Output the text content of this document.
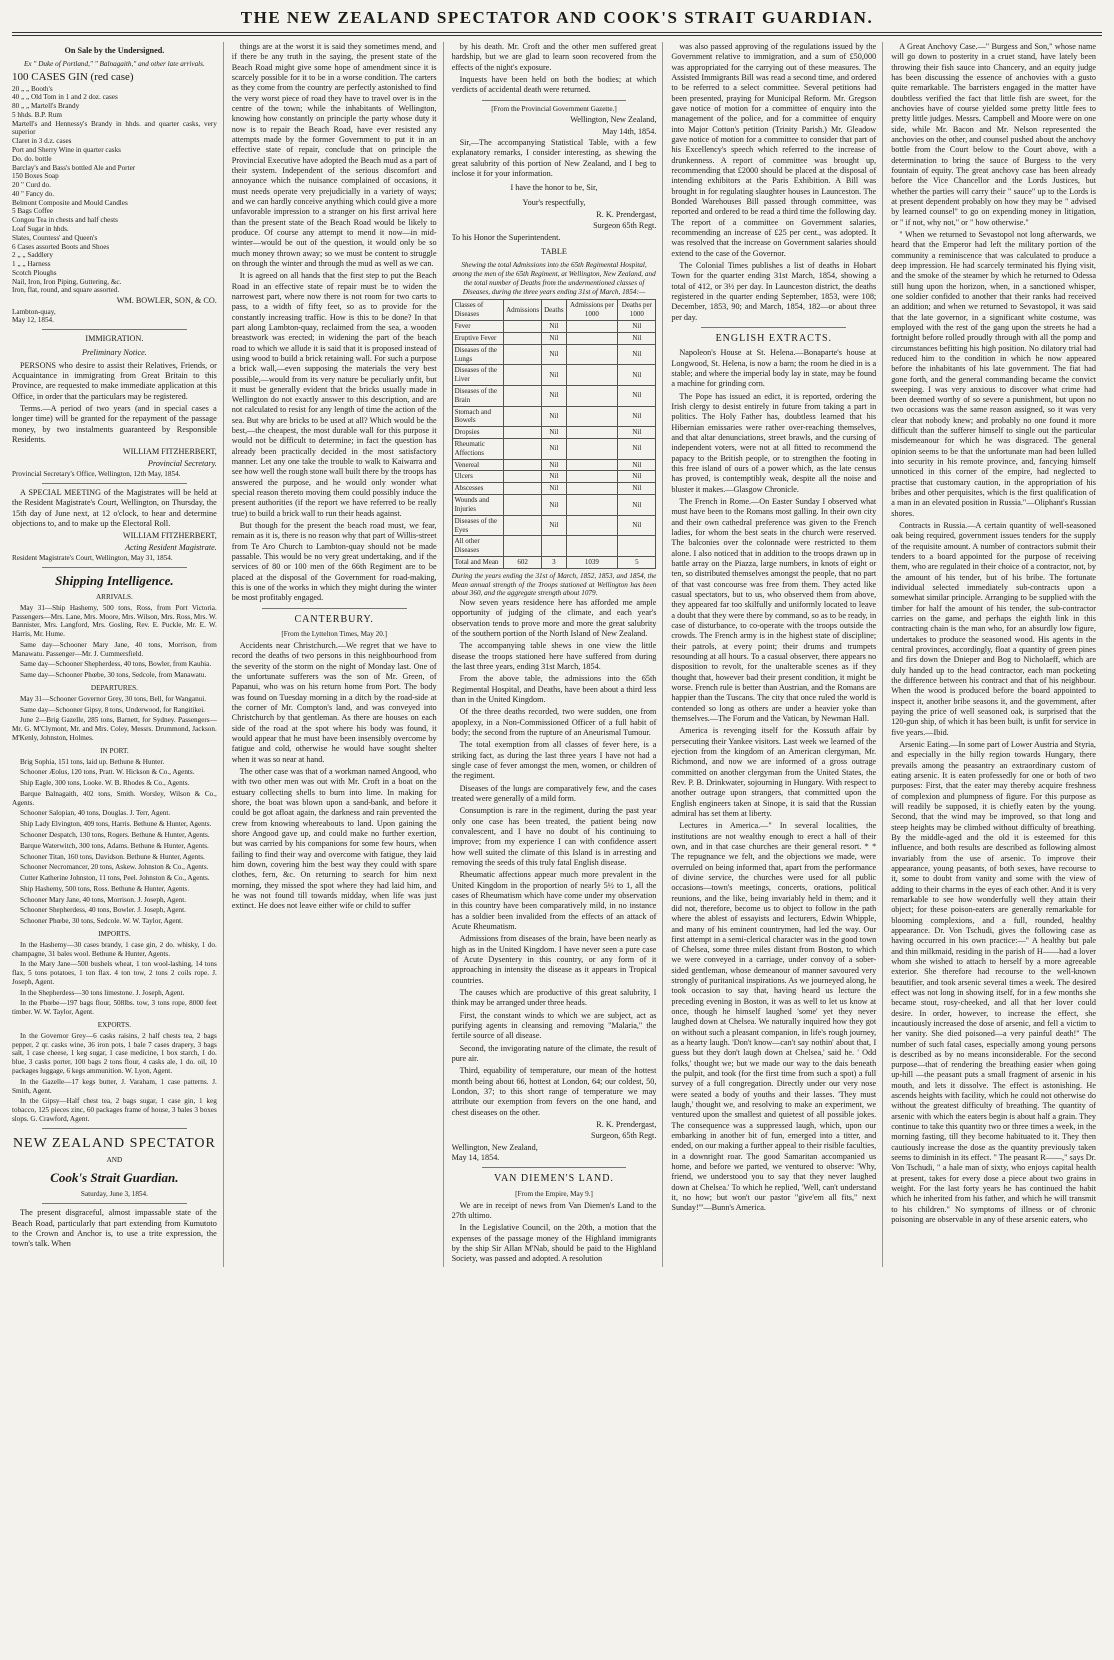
THE NEW ZEALAND SPECTATOR AND COOK'S STRAIT GUARDIAN.
On Sale by the Undersigned.
Ex " Duke of Portland," " Balnagaith," and other late arrivals.
100 CASES GIN (red case)
20 „ „ Booth's
40 „ „ Old Tom in 1 and 2 doz. cases
80 „ „ Martell's Brandy
5 hhds. B.P. Rum
Martell's and Hennessy's Brandy in hhds. and quarter casks, very superior
Claret in 3 d.z. cases
Port and Sherry Wine in quarter casks
Do. do. bottle
Barclay's and Bass's bottled Ale and Porter
150 Boxes Soap
20 " Curd do.
40 " Fancy do.
Belmont Composite and Mould Candles
5 Bags Coffee
Congou Tea in chests and half chests
Loaf Sugar in hhds.
Slates, Countess' and Queen's
6 Cases assorted Boots and Shoes
2 „ „ Saddlery
1 „ „ Harness
Scotch Ploughs
Nail, Iron, Iron Piping, Guttering, &c.
Iron, flat, round, and square assorted.
WM. BOWLER, SON, & CO.
Lambton-quay,
May 12, 1854.
IMMIGRATION.
Preliminary Notice.

PERSONS who desire to assist their Relatives, Friends, or Acquaintance in immigrating from Great Britain to this Province, are requested to make immediate application at this Office, in order that the particulars may be registered.

Terms.—A period of two years (and in special cases a longer time) will be granted for the repayment of the passage money, by two instalments guaranteed by Responsible Residents.

WILLIAM FITZHERBERT,
Provincial Secretary.
Provincial Secretary's Office, Wellington, 12th May, 1854.

A SPECIAL MEETING of the Magistrates will be held at the Resident Magistrate's Court, Wellington, on Thursday, the 15th day of June next, at 12 o'clock, to hear and determine objections to, and to make up the Electoral Roll.

WILLIAM FITZHERBERT,
Acting Resident Magistrate.
Resident Magistrate's Court, Wellington, May 31, 1854.
Shipping Intelligence.
ARRIVALS.

May 31—Ship Hashemy, 500 tons, Ross, from Port Victoria. Passengers—Mrs. Lane, Mrs. Moore, Mrs. Wilson, Mrs. Ross, Mrs. W. Bannister, Mrs. Langford, Mrs. Gosling, Rev. E. Puckle, Mr. E. W. Harris, Mr. Hume.

Same day—Schooner Mary Jane, 40 tons, Morrison, from Manawatu. Passenger—Mr. J. Cummersfield.

Same day—Schooner Shepherdess, 40 tons, Bowler, from Kauhia.

Same day—Schooner Phœbe, 30 tons, Sedcole, from Manawatu.

DEPARTURES.

May 31—Schooner Governor Grey, 30 tons, Bell, for Wanganui.

Same day—Schooner Gipsy, 8 tons, Underwood, for Rangitikei.

June 2—Brig Gazelle, 285 tons, Barnett, for Sydney. Passengers—Mr. G. M'Clymont, Mr. and Mrs. Coley, Messrs. Drummond, Jackson. M'Kenly, Johnston, Holmes.

IN PORT.

Brig Sophia, 151 tons, laid up. Bethune & Hunter.

Schooner Æolus, 120 tons, Pratt. W. Hickson & Co., Agents.

Ship Eagle, 300 tons, Looke. W. B. Rhodes & Co., Agents.

Barque Balnagaith, 402 tons, Smith. Worsley, Wilson & Co., Agents.

Schooner Salopian, 40 tons, Douglas. J. Terr, Agent.

Ship Lady Elvington, 409 tons, Harris. Bethune & Hunter, Agents.

Schooner Despatch, 130 tons, Rogers. Bethune & Hunter, Agents.

Barque Waterwitch, 300 tons, Adams. Bethune & Hunter, Agents.

Schooner Titan, 160 tons, Davidson. Bethune & Hunter, Agents.

Schooner Necromancer, 20 tons, Askew. Johnston & Co., Agents.

Cutter Katherine Johnston, 11 tons, Peel. Johnston & Co., Agents.

Ship Hashemy, 500 tons, Ross. Bethune & Hunter, Agents.

Schooner Mary Jane, 40 tons, Morrison. J. Joseph, Agent.

Schooner Shepherdess, 40 tons, Bowler. J. Joseph, Agent.

Schooner Phœbe, 30 tons, Sedcole. W. W. Taylor, Agent.

IMPORTS.

In the Hashemy—30 cases brandy, 1 case gin, 2 do. whisky, 1 do. champagne, 31 bales wool. Bethune & Hunter, Agents.

In the Mary Jane—500 bushels wheat, 1 ton wool-lashing, 14 tons flax, 5 tons potatoes, 1 ton flax. 4 ton tow, 2 tons 2 coils rope. J. Joseph, Agent.

In the Shepherdess—30 tons limestone. J. Joseph, Agent.

In the Phœbe—197 bags flour, 508lbs. tow, 3 tons rope, 8000 feet timber. W. W. Taylor, Agent.

EXPORTS.

In the Governor Grey—6 casks raisins, 2 half chests tea, 2 bags pepper, 2 qr. casks wine, 36 iron pots, 1 bale 7 cases drapery, 3 bags salt, 1 case cheese, 1 keg sugar, 1 case medicine, 1 box starch, 1 do. blue, 3 casks porter, 100 bags 2 tons flour, 4 casks ale, 1 do. oil, 10 packages luggage, 6 kegs ammunition. W. Lyon, Agent.

In the Gazelle—17 kegs butter, J. Varaham, 1 case patterns. J. Smith, Agent.

In the Gipsy—Half chest tea, 2 bags sugar, 1 case gin, 1 keg tobacco, 125 pieces zinc, 60 packages frame of house, 3 bales 3 boxes slops. G. Crawford, Agent.

NEW ZEALAND SPECTATOR
AND
Cook's Strait Guardian.
Saturday, June 3, 1854.

The present disgraceful, almost impassable state of the Beach Road, particularly that part extending from Kumutoto to the Crown and Anchor is, to use a trite expression, the town's talk. When

things are at the worst it is said they sometimes mend, and if there be any truth in the saying, the present state of the Beach Road might give some hope of amendment since it is scarcely possible for it to be in a worse condition. The carters as they come from the country are perfectly astonished to find the very worst piece of road they have to travel over is in the centre of the town; while the inhabitants of Wellington, knowing how constantly on principle the party whose duty it now is to repair the Beach Road, have ever resisted any attempts made by the former Government to put it in an effective state of repair, conclude that on principle the Provincial Executive have adopted the Beach mud as a part of their system. Independent of the serious discomfort and annoyance which the nuisance complained of occasions, it must needs operate very prejudicially in a variety of ways; and we can hardly conceive anything which could give a more unfavorable impression to a stranger on his first arrival here than the present state of the Beach Road would be likely to produce. Of course any attempt to mend it now—in mid-winter—would be out of the question, it would only be so much money thrown away; so we must be content to struggle on through the winter and through the mud as well as we can.

It is agreed on all hands that the first step to put the Beach Road in an effective state of repair must be to widen the narrowest part, where now there is not room for two carts to pass, to a width of fifty feet, so as to provide for the constantly increasing traffic. How is this to be done? In that part along Lambton-quay, reclaimed from the sea, a wooden breastwork was erected; in widening the part of the beach road to which we allude it is said that it is proposed instead of using wood to build a brick retaining wall. For such a purpose a brick wall,—even supposing the materials the very best possible,—would from its very nature be peculiarly unfit, but it must be generally evident that the bricks usually made in Wellington do not exactly answer to this description, and are not calculated to resist for any length of time the action of the sea. But why are bricks to be used at all? Which would be the best,—the cheapest, the most durable wall for this purpose it would not be difficult to determine; in fact the question has already been practically decided in the most satisfactory manner. Let any one take the trouble to walk to Kaiwarra and see how well the rough stone wall built there by the troops has answered the purpose, and he would only wonder what special reason thereto moving them could possibly induce the present authorities (if the report we have referred to be really true) to build a brick wall to run their heads against.

But though for the present the beach road must, we fear, remain as it is, there is no reason why that part of Willis-street from Te Aro Church to Lambton-quay should not be made passable. This would be no very great undertaking, and if the services of 80 or 100 men of the 66th Regiment are to be placed at the disposal of the Government for road-making, this is one of the works in which they might during the winter be most profitably engaged.

CANTERBURY.
[From the Lyttelton Times, May 20.]

Accidents near Christchurch.—We regret that we have to record the deaths of two persons in this neighbourhood from the severity of the storm on the night of Monday last. One of the unfortunate sufferers was the son of Mr. Green, of Papanui, who was on his return home from Port. The body was found on Tuesday morning in a ditch by the road-side at the corner of Mr. Compton's land, and was conveyed into Christchurch by that gentleman. As there are houses on each side of the road at the spot where his body was found, it would appear that he must have been insensibly overcome by fatigue and cold, otherwise he would have sought shelter when it was so near at hand.

The other case was that of a workman named Angood, who with two other men was out with Mr. Croft in a boat on the estuary collecting shells to burn into lime. In making for shore, the boat was blown upon a sand-bank, and before it could be got afloat again, the darkness and rain prevented the crew from knowing whereabouts to land. Upon gaining the shore Angood gave up, and could make no further exertion, but was carried by his companions for some few hours, when failing to find their way and overcome with fatigue, they laid him down, covering him the best way they could with spare clothes, fern, &c. On returning to search for him next morning, they missed the spot where they had laid him, and he was not found till towards midday, when life was just extinct. He does not leave either wife or child to suffer

by his death. Mr. Croft and the other men suffered great hardship, but we are glad to learn soon recovered from the effects of the night's exposure.

Inquests have been held on both the bodies; at which verdicts of accidental death were returned.

[From the Provincial Government Gazette.]
Wellington, New Zealand,
May 14th, 1854.

Sir,—The accompanying Statistical Table, with a few explanatory remarks, I consider interesting, as shewing the great salubrity of this portion of New Zealand, and I beg to inclose it for your information.

I have the honor to be, Sir,
Your's respectfully,
R. K. Prendergast,
Surgeon 65th Regt.
To his Honor the Superintendent.
TABLE
Shewing the total Admissions into the 65th Regimental Hospital, among the men of the 65th Regiment, at Wellington, New Zealand, and the total number of Deaths from the undermentioned classes of Diseases, during the three years ending 31st of March, 1854:—
Classes of Diseases	Admissions	Deaths	Admissions per 1000	Deaths per 1000
Fever		Nil		Nil
Eruptive Fever		Nil		Nil
Diseases of the Lungs		Nil		Nil
Diseases of the Liver		Nil		Nil
Diseases of the Brain		Nil		Nil
Stomach and Bowels		Nil		Nil
Dropsies		Nil		Nil
Rheumatic Affections		Nil		Nil
Venereal		Nil		Nil
Ulcers		Nil		Nil
Abscesses		Nil		Nil
Wounds and Injuries		Nil		Nil
Diseases of the Eyes		Nil		Nil
All other Diseases				
Total and Mean	602	3	1039	5
During the years ending the 31st of March, 1852, 1853, and 1854, the Mean annual strength of the Troops stationed at Wellington has been about 360, and the aggregate strength about 1079.

Now seven years residence here has afforded me ample opportunity of judging of the climate, and each year's observation tends to prove more and more the great salubrity of the southern portion of the North Island of New Zealand.

The accompanying table shews in one view the little disease the troops stationed here have suffered from during the last three years, ending 31st March, 1854.

From the above table, the admissions into the 65th Regimental Hospital, and Deaths, have been about a third less than in the United Kingdom.

Of the three deaths recorded, two were sudden, one from apoplexy, in a Non-Commissioned Officer of a full habit of body; the second from the rupture of an Aneurismal Tumour.

The total exemption from all classes of fever here, is a striking fact, as during the last three years I have not had a single case of fever amongst the men, women, or children of the regiment.

Diseases of the lungs are comparatively few, and the cases treated were generally of a mild form.

Consumption is rare in the regiment, during the past year only one case has been treated, the patient being now convalescent, and I have no doubt of his continuing to improve; from my experience I can with confidence assert how well suited the climate of this Island is in arresting and removing the seeds of this truly fatal English disease.

Rheumatic affections appear much more prevalent in the United Kingdom in the proportion of nearly 5½ to 1, all the cases of Rheumatism which have come under my observation in this country have been comparatively mild, in no instance has a soldier been invalided from the effects of an attack of Acute Rheumatism.

Admissions from diseases of the brain, have been nearly as high as in the United Kingdom. I have never seen a pure case of Acute Dysentery in this country, or any form of it approaching in intensity the disease as it appears in Tropical countries.

The causes which are productive of this great salubrity, I think may be arranged under three heads.

First, the constant winds to which we are subject, act as purifying agents in cleansing and removing "Malaria," the fertile source of all disease.

Second, the invigorating nature of the climate, the result of pure air.

Third, equability of temperature, our mean of the hottest month being about 66, hottest at London, 64; our coldest, 50, London, 37; to this short range of temperature we may attribute our exemption from fevers on the one hand, and chest diseases on the other.

R. K. Prendergast,
Surgeon, 65th Regt.
Wellington, New Zealand,
May 14, 1854.
VAN DIEMEN'S LAND.
[From the Empire, May 9.]

We are in receipt of news from Van Diemen's Land to the 27th ultimo.

In the Legislative Council, on the 20th, a motion that the expenses of the passage money of the Highland immigrants by the ship Sir Allan M'Nab, should be paid to the Highland Society, was passed and adopted. A resolution

was also passed approving of the regulations issued by the Government relative to immigration, and a sum of £50,000 was appropriated for the carrying out of these measures. The Assisted Immigrants Bill was read a second time, and ordered to be referred to a select committee. Several petitions had been presented, praying for Municipal Reform. Mr. Gregson gave notice of motion for a committee of enquiry into the management of the police, and for a committee of enquiry into Major Cotton's petition (Trinity Parish.) Mr. Gleadow gave notice of motion for a committee to consider that part of his Excellency's speech which referred to the increase of drunkenness. A report of committee was brought up, recommending that £2000 should be placed at the disposal of intending exhibitors at the Paris Exhibition. A Bill was brought in for regulating slaughter houses in Launceston. The Bonded Warehouses Bill passed through committee, was reported and ordered to be read a third time the following day. The report of a committee on Government salaries, recommending an increase of £25 per cent., was adopted. It was resolved that the increase on Government salaries should extend to the case of the Governor.

The Colonial Times publishes a list of deaths in Hobart Town for the quarter ending 31st March, 1854, showing a total of 412, or 3½ per day. In Launceston district, the deaths registered in the quarter ending September, 1853, were 108; December, 1853, 90; and March, 1854, 182—or about three per day.

ENGLISH EXTRACTS.

Napoleon's House at St. Helena.—Bonaparte's house at Longwood, St. Helena, is now a barn; the room he died in is a stable; and where the imperial body lay in state, may be found a machine for grinding corn.

The Pope has issued an edict, it is reported, ordering the Irish clergy to desist entirely in future from taking a part in politics. The Holy Father has, doubtless learned that his Hibernian emissaries were rather over-reaching themselves, and that altar denunciations, street brawls, and the cursing of independent voters, were not at all fitted to recommend the papacy to the British people, or to strengthen the footing in this free island of ours of a power which, as the late census has proved, is contemptibly weak, despite all the noise and bluster it makes.—Glasgow Chronicle.

The French in Rome.—On Easter Sunday I observed what must have been to the Romans most galling. In their own city and their own cathedral preference was given to the French ladies, for whom the best seats in the church were reserved. The balconies over the colonnade were restricted to them alone. I also noticed that in addition to the troops drawn up in battle array on the Piazza, large numbers, in knots of eight or ten, so distributed themselves amongst the people, that no part of that vast concourse was free from them. They acted like casual spectators, but to us, who observed them from above, they appeared far too skilfully and uniformly located to leave a doubt that they were there by command, so as to be ready, in case of disturbance, to co-operate with the troops outside the crowds. The French army is in the highest state of discipline; their patrols, at every point; their drums and trumpets resounding at all hours. To a casual observer, there appears no disposition to revolt, for the unalterable scenes as if they thought that, however bad their present condition, it might be worse. French rule is better than Austrian, and the Romans are happier than the Tuscans. The city that once ruled the world is contended so long as others are under a heavier yoke than themselves.—The Forum and the Vatican, by Newman Hall.

America is revenging itself for the Kossuth affair by persecuting their Yankee visitors. Last week we learned of the ejection from the kingdom of an American clergyman, Mr. Richmond, and now we are informed of a gross outrage committed on another clergyman from the United States, the Rev. P. B. Drinkwater, sojourning in Hungary. With respect to another outrage upon strangers, that committed upon the English engineers taken at Sinope, it is said that the Russian admiral has set them at liberty.

Lectures in America.—" In several localities, the institutions are not wealthy enough to erect a hall of their own, and in that case churches are their general resort. * * The repugnance we felt, and the objections we made, were overruled on being informed that, apart from the performance of divine service, the churches were used for all public occasions—town's meetings, concerts, orations, political reunions, and the like, being invariably held in them; and it did not, therefore, become us to object to follow in the path where the ablest of essayists and lecturers, Edwin Whipple, and many of his eminent countrymen, had led the way. Our first attempt in a semi-clerical character was in the good town of Chelsea, some three miles distant from Boston, to which we were conveyed in a carriage, under convoy of a sober-sided gentleman, whose demeanour of manner savoured very strongly of puritanical inspirations. As we journeyed along, he took occasion to say that, having heard us lecture the preceding evening in Boston, it was as well to let us know at once, though he himself laughed 'some' yet they never laughed down at Chelsea. We naturally inquired how they got on without such a pleasant companion, in life's rough journey, as a hearty laugh. 'Don't know—can't say nothin' about that, I guess but they don't laugh down at Chelsea,' said he. ' Odd folks,' thought we; but we made our way to the dais beneath the pulpit, and took (for the first time from such a spot) a full survey of a full congregation. Directly under our very nose were seated a body of youths and their lasses. 'They must laugh,' thought we, and resolving to make an experiment, we ventured upon the smallest and quietest of all possible jokes. The consequence was a suppressed laugh, which, upon our embarking in another bit of fun, emerged into a titter, and ended, on our making a further appeal to their risible faculties, in a downright roar. The good Samaritan accompanied us home, and before we parted, we ventured to observe: 'Why, friend, we understood you to say that they never laughed down at Chelsea.' To which he replied, 'Well, can't understand it, no how; but won't our pastor "give'em all fits," next Sunday!'"—Bunn's America.

A Great Anchovy Case.—" Burgess and Son," whose name will go down to posterity in a cruet stand, have lately been throwing their fish sauce into Chancery, and an equity judge has been discussing the essence of anchovies with a gusto quite remarkable. The barristers engaged in the matter have doubtless verified the fact that little fish are sweet, for the anchovies have of course yielded some pretty little fees to pretty little judges. Messrs. Campbell and Moore were on one side, while Mr. Bacon and Mr. Nelson represented the anchovies on the other, and counsel pushed about the anchovy bottle from the Court below to the Court above, with a determination to bring the sauce of Burgess to the very fountain of equity. The great anchovy case has been already before the Vice Chancellor and the Lords Justices, but whether the parties will carry their " sauce" up to the Lords is at present dependent probably on how they may be " advised by learned counsel" to go on expending money in litigation, or " if not, why not," or " how otherwise."

" When we returned to Sevastopol not long afterwards, we heard that the Emperor had left the military portion of the community a reminiscence that was calculated to produce a deep impression. He had scarcely terminated his flying visit, and the smoke of the steamer by which he returned to Odessa still hung upon the horizon, when, in a sanctioned whisper, one soldier confided to another that their ranks had received an addition; and when we returned to Sevastopol, it was said that the late governor, in a significant white costume, was employed with the rest of the gang upon the streets he had a fortnight before rolled proudly through with all the pomp and circumstances befitting his high position. No dilatory trial had reduced him to the condition in which he now appeared before the inhabitants of his late government. The fiat had gone forth, and the general commanding became the convict sweeping. I was very anxious to discover what crime had been deemed worthy of so severe a punishment, but upon no two occasions was the same reason assigned, so it was very clear that nobody knew; and probably no one found it more difficult than the sufferer himself to single out the particular misdemeanour for which he was disgraced. The general opinion seems to be that the unfortunate man had been lulled into security in his remote province, and, fancying himself unnoticed in this corner of the empire, had neglected to practise that customary caution, in the appropriation of his bribes and other perquisites, which is the first qualification of a man in an elevated position in Russia."—Oliphant's Russian shores.

Contracts in Russia.—A certain quantity of well-seasoned oak being required, government issues tenders for the supply of the requisite amount. A number of contractors submit their tenders to a board appointed for the purpose of receiving them, who are regulated in their choice of a contractor, not, by the amount of his tender, but of his bribe. The fortunate individual selected immediately sub-contracts upon a somewhat similar principle. Arranging to be supplied with the timber for half the amount of his tender, the sub-contractor carries on the game, and perhaps the eighth link in this contracting chain is the man who, for an absurdly low figure, undertakes to produce the seasoned wood. His agents in the central provinces, accordingly, float a quantity of green pines and firs down the Dnieper and Bog to Nicholaeff, which are duly handed up to the head contractor, each man pocketing the difference between his contract and that of his neighbour. When the wood is produced before the board appointed to inspect it, another bribe seasons it, and the government, after paying the price of well seasoned oak, is surprised that the 120-gun ship, of which it has been built, is unfit for service in five years.—Ibid.

Arsenic Eating.—In some part of Lower Austria and Styria, and especially in the hilly region towards Hungary, there prevails among the peasantry an extraordinary custom of eating arsenic. It is eaten professedly for one or both of two purposes: First, that the eater may thereby acquire freshness of complexion and plumpness of figure. For this purpose as will readily be supposed, it is chiefly eaten by the young. Second, that the wind may be improved, so that long and steep heights may be climbed without difficulty of breathing. By the middle-aged and the old it is esteemed for this influence, and both results are described as following almost invariably from the use of arsenic. To improve their appearance, young peasants, of both sexes, have recourse to it, some to doubt from vanity and some with the view of adding to their charms in the eyes of each other. And it is very remarkable to see how wonderfully well they attain their object; for these poison-eaters are generally remarkable for blooming complexions, and a full, rounded, healthy appearance. Dr. Von Tschudi, gives the following case as having occurred in his own practice:—" A healthy but pale and thin milkmaid, residing in the parish of H——had a lover whom she wished to attach to herself by a more agreeable exterior. She therefore had recourse to the well-known beautifier, and took arsenic several times a week. The desired effect was not long in showing itself, for in a few months she became stout, rosy-cheeked, and all that her lover could desire. In order, however, to increase the effect, she incautiously increased the dose of arsenic, and fell a victim to her vanity. She died poisoned—a very painful death!" The number of such fatal cases, especially among young persons is described as by no means inconsiderable. For the second purpose—that of rendering the breathing easier when going up-hill —the peasant puts a small fragment of arsenic in his mouth, and lets it dissolve. The effect is astonishing. He ascends heights with facility, which he could not otherwise do without the greatest difficulty of breathing. The quantity of arsenic with which the eaters begin is about half a grain. They continue to take this quantity two or three times a week, in the morning fasting, till they become habituated to it. They then cautiously increase the dose as the quantity previously taken seems to diminish in its effect. " The peasant R——," says Dr. Von Tschudi, " a hale man of sixty, who enjoys capital health at present, takes for every dose a piece about two grains in weight. For the last forty years he has continued the habit which he inherited from his father, and which he will transmit to his children." No symptoms of illness or of chronic poisoning are observable in any of these arsenic eaters, who
